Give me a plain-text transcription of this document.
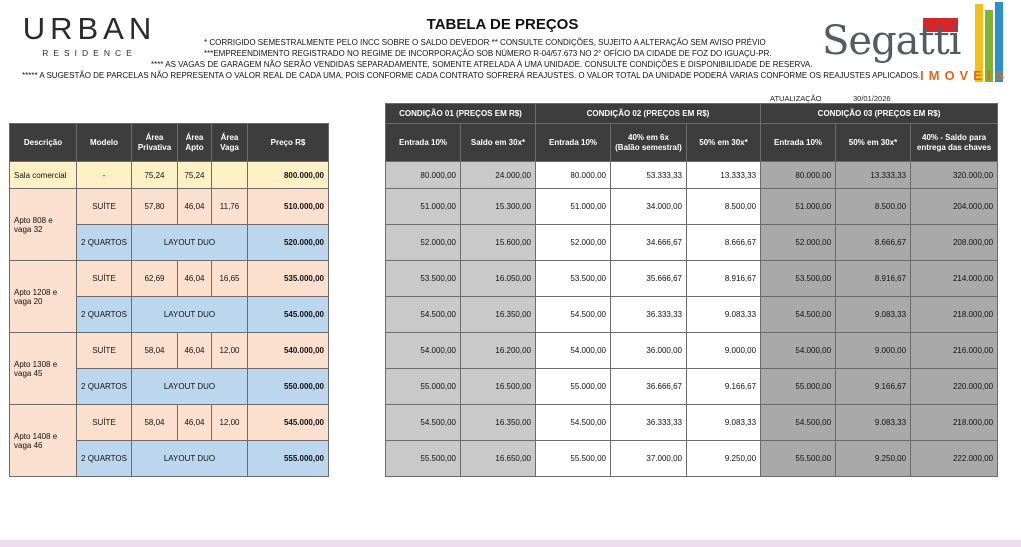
URBAN
RESIDENCE
TABELA DE PREÇOS
* CORRIGIDO SEMESTRALMENTE PELO INCC SOBRE O SALDO DEVEDOR ** CONSULTE CONDIÇÕES, SUJEITO A ALTERAÇÃO SEM AVISO PRÉVIO
***EMPREENDIMENTO REGISTRADO NO REGIME DE INCORPORAÇÃO SOB NÚMERO R-04/57.673 NO 2° OFÍCIO DA CIDADE DE FOZ DO IGUAÇU-PR.
**** AS VAGAS DE GARAGEM NÃO SERÃO VENDIDAS SEPARADAMENTE, SOMENTE ATRELADA À UMA UNIDADE. CONSULTE CONDIÇÕES E DISPONIBILIDADE DE RESERVA.
***** A SUGESTÃO DE PARCELAS NÃO REPRESENTA O VALOR REAL DE CADA UMA, POIS CONFORME CADA CONTRATO SOFRERÁ REAJUSTES. O VALOR TOTAL DA UNIDADE PODERÁ VARIAS CONFORME OS REAJUSTES APLICADOS.
Segatti
IMOVEIS
ATUALIZAÇÃO	30/01/2026
Descrição	Modelo	Área Privativa	Área Apto	Área Vaga	Preço R$
Sala comercial	-	75,24	75,24		800.000,00
Apto 808 e vaga 32	SUÍTE	57,80	46,04	11,76	510.000,00
	2 QUARTOS	LAYOUT DUO			520.000,00
Apto 1208 e vaga 20	SUÍTE	62,69	46,04	16,65	535.000,00
	2 QUARTOS	LAYOUT DUO			545.000,00
Apto 1308 e vaga 45	SUÍTE	58,04	46,04	12,00	540.000,00
	2 QUARTOS	LAYOUT DUO			550.000,00
Apto 1408 e vaga 46	SUÍTE	58,04	46,04	12,00	545.000,00
	2 QUARTOS	LAYOUT DUO			555.000,00
CONDIÇÃO 01 (PREÇOS EM R$)		CONDIÇÃO 02 (PREÇOS EM R$)			CONDIÇÃO 03 (PREÇOS EM R$)		
Entrada 10%	Saldo em 30x*	Entrada 10%	40% em 6x (Balão semestral)	50% em 30x*	Entrada 10%	50% em 30x*	40% - Saldo para entrega das chaves
80.000,00	24.000,00	80.000,00	53.333,33	13.333,33	80.000,00	13.333,33	320.000,00
51.000,00	15.300,00	51.000,00	34.000,00	8.500,00	51.000,00	8.500,00	204.000,00
52.000,00	15.600,00	52.000,00	34.666,67	8.666,67	52.000,00	8.666,67	208.000,00
53.500,00	16.050,00	53.500,00	35.666,67	8.916,67	53.500,00	8.916,67	214.000,00
54.500,00	16.350,00	54.500,00	36.333,33	9.083,33	54.500,00	9.083,33	218.000,00
54.000,00	16.200,00	54.000,00	36.000,00	9.000,00	54.000,00	9.000,00	216.000,00
55.000,00	16.500,00	55.000,00	36.666,67	9.166,67	55.000,00	9.166,67	220.000,00
54.500,00	16.350,00	54.500,00	36.333,33	9.083,33	54.500,00	9.083,33	218.000,00
55.500,00	16.650,00	55.500,00	37.000,00	9.250,00	55.500,00	9.250,00	222.000,00
